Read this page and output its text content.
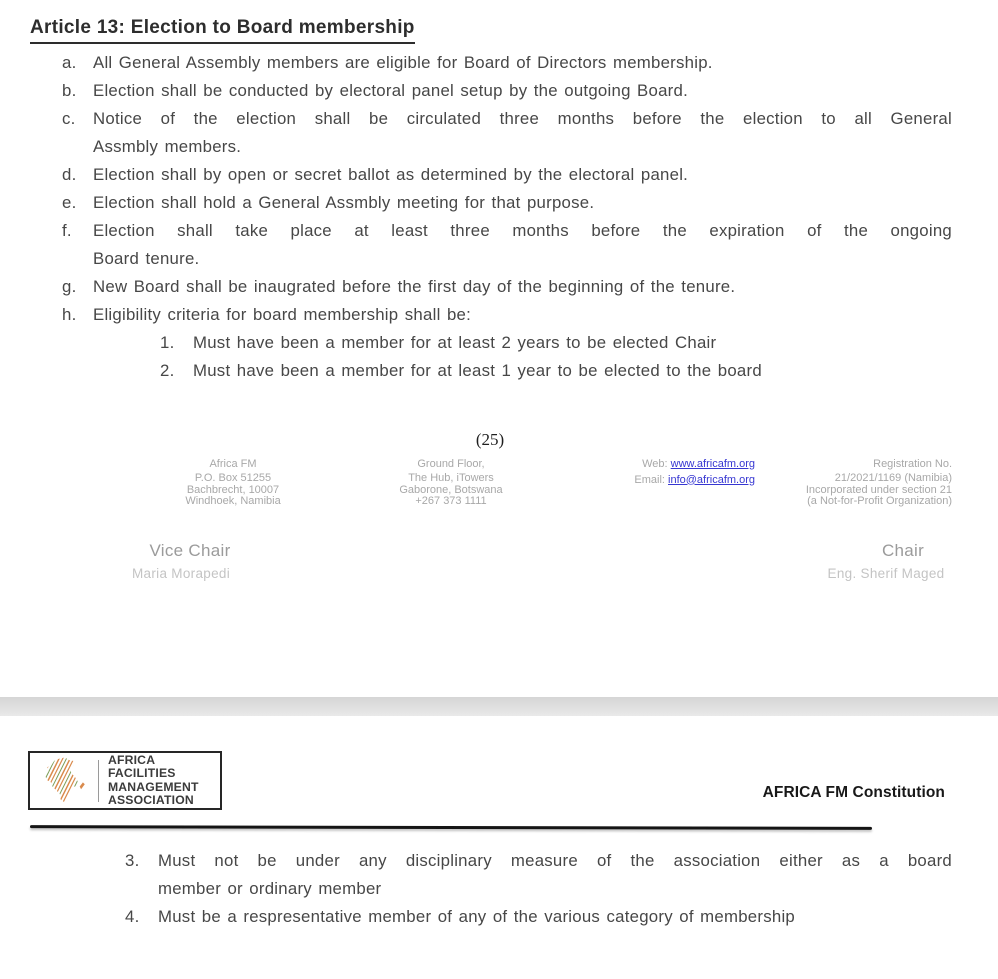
Article 13: Election to Board membership
a. All General Assembly members are eligible for Board of Directors membership.
b. Election shall be conducted by electoral panel setup by the outgoing Board.
c.	Notice of the election shall be circulated three months before the election to all General
Assmbly members.
d. Election shall by open or secret ballot as determined by the electoral panel.
e. Election shall hold a General Assmbly meeting for that purpose.
f.	Election shall take place at least three months before the expiration of the ongoing
Board tenure.
g. New Board shall be inaugrated before the first day of the beginning of the tenure.
h. Eligibility criteria for board membership shall be:
1.	Must have been a member for at least 2 years to be elected Chair
2.	Must have been a member for at least 1 year to be elected to the board
(25)
Africa FM
P.O. Box 51255
Bachbrecht, 10007
Windhoek, Namibia
Ground Floor,
The Hub, iTowers
Gaborone, Botswana
+267 373 1111
Web: www.africafm.org
Email: info@africafm.org
Registration No.
21/2021/1169 (Namibia)
Incorporated under section 21
(a Not-for-Profit Organization)
Vice Chair
Maria Morapedi
Chair
Eng. Sherif Maged
AFRICA FACILITIES
MANAGEMENT
ASSOCIATION	AFRICA FM Constitution
3.	Must not be under any disciplinary measure of the association either as a board
member or ordinary member
4.	Must be a respresentative member of any of the various category of membership
